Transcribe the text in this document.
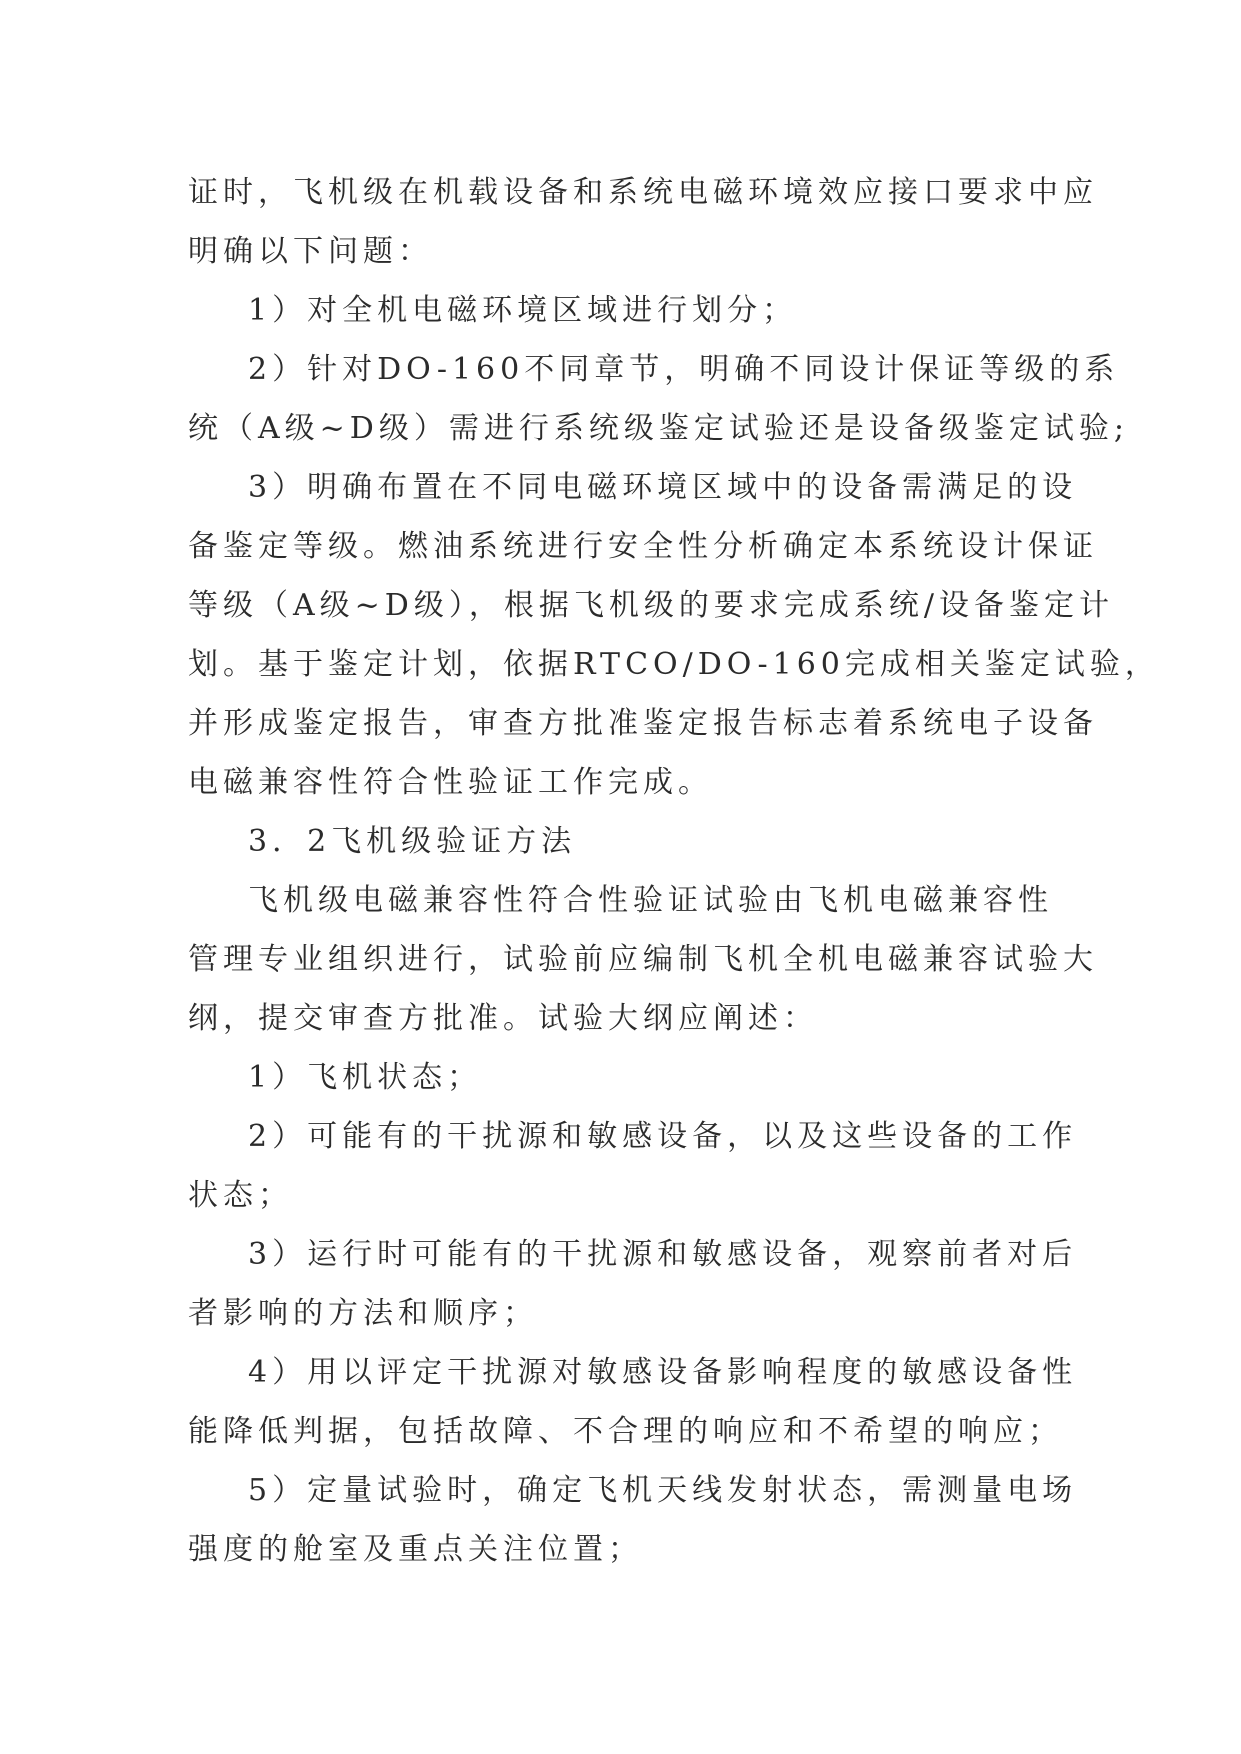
证时，飞机级在机载设备和系统电磁环境效应接口要求中应
明确以下问题：
1）对全机电磁环境区域进行划分；
2）针对DO-160不同章节，明确不同设计保证等级的系
统（A级~D级）需进行系统级鉴定试验还是设备级鉴定试验;
3）明确布置在不同电磁环境区域中的设备需满足的设
备鉴定等级。燃油系统进行安全性分析确定本系统设计保证
等级（A级~D级），根据飞机级的要求完成系统/设备鉴定计
划。基于鉴定计划，依据RTCO/DO-160完成相关鉴定试验，
并形成鉴定报告，审查方批准鉴定报告标志着系统电子设备
电磁兼容性符合性验证工作完成。
3．2飞机级验证方法
飞机级电磁兼容性符合性验证试验由飞机电磁兼容性
管理专业组织进行，试验前应编制飞机全机电磁兼容试验大
纲，提交审查方批准。试验大纲应阐述：
1）飞机状态；
2）可能有的干扰源和敏感设备，以及这些设备的工作
状态；
3）运行时可能有的干扰源和敏感设备，观察前者对后
者影响的方法和顺序；
4）用以评定干扰源对敏感设备影响程度的敏感设备性
能降低判据，包括故障、不合理的响应和不希望的响应；
5）定量试验时，确定飞机天线发射状态，需测量电场
强度的舱室及重点关注位置；
